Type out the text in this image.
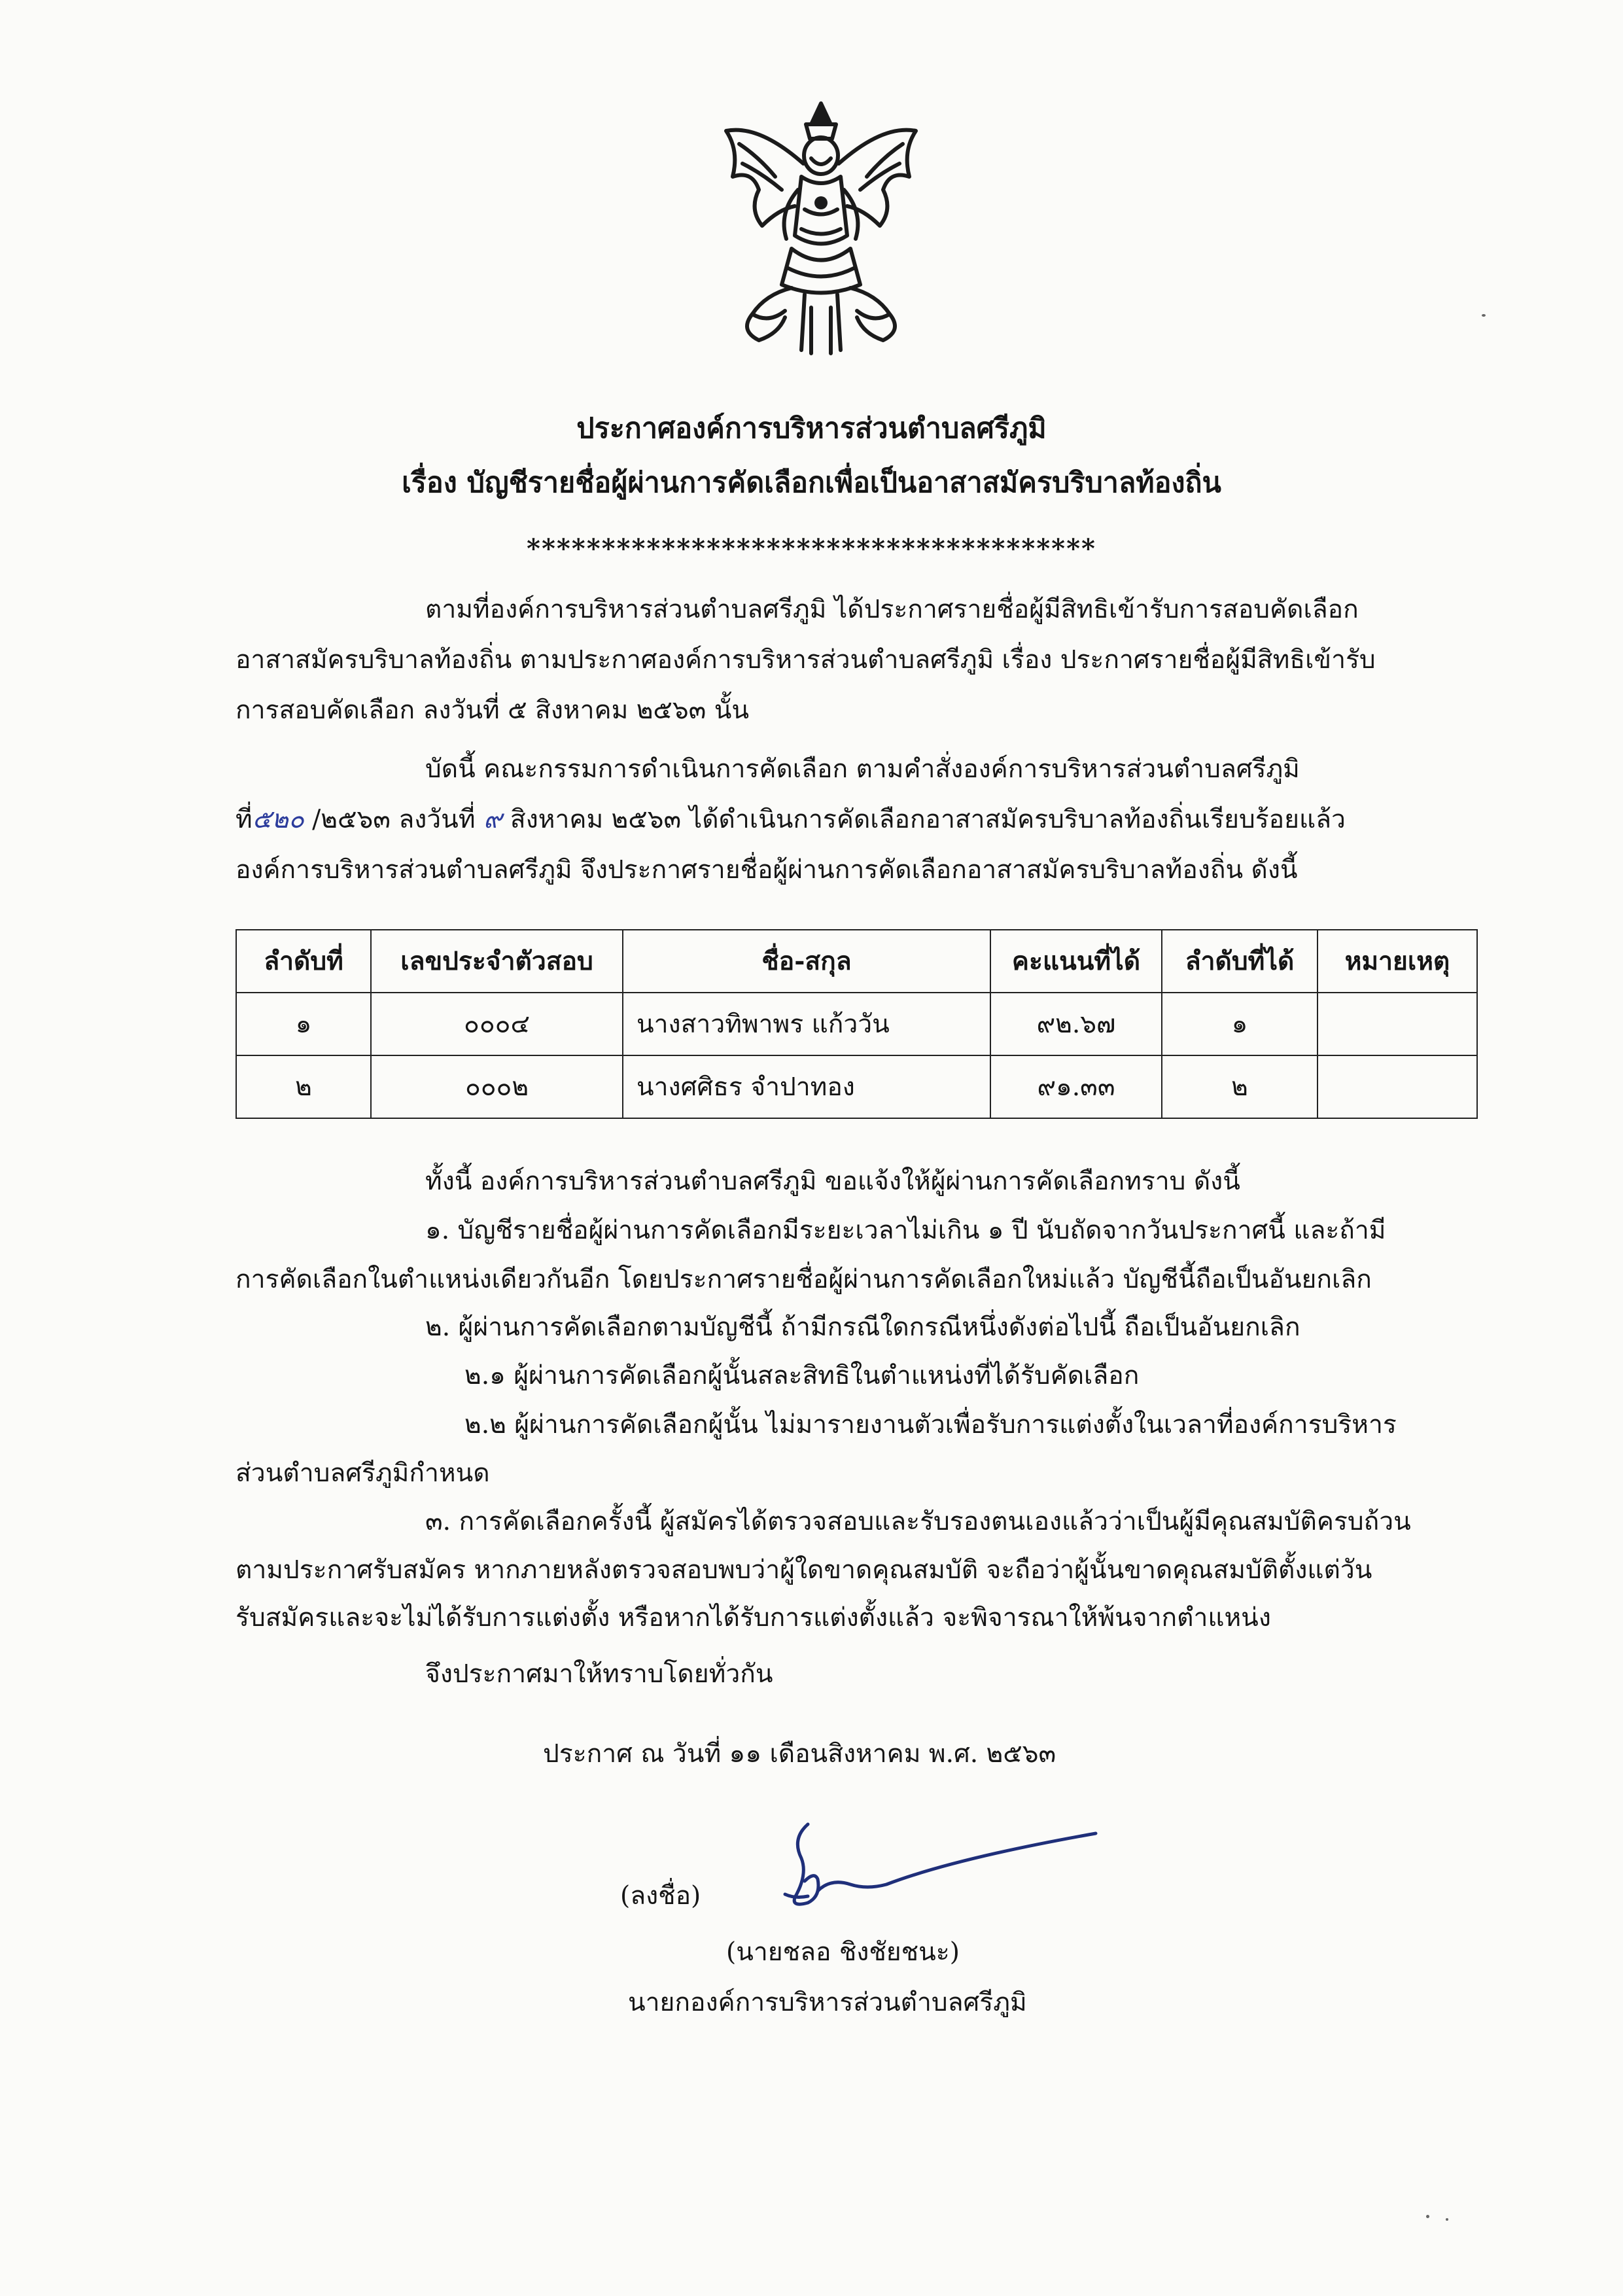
ประกาศองค์การบริหารส่วนตำบลศรีภูมิ
เรื่อง บัญชีรายชื่อผู้ผ่านการคัดเลือกเพื่อเป็นอาสาสมัครบริบาลท้องถิ่น
**************************************
ตามที่องค์การบริหารส่วนตำบลศรีภูมิ ได้ประกาศรายชื่อผู้มีสิทธิเข้ารับการสอบคัดเลือก
อาสาสมัครบริบาลท้องถิ่น ตามประกาศองค์การบริหารส่วนตำบลศรีภูมิ เรื่อง ประกาศรายชื่อผู้มีสิทธิเข้ารับ
การสอบคัดเลือก ลงวันที่ ๕ สิงหาคม ๒๕๖๓ นั้น
บัดนี้ คณะกรรมการดำเนินการคัดเลือก ตามคำสั่งองค์การบริหารส่วนตำบลศรีภูมิ
ที่๕๒๐ /๒๕๖๓ ลงวันที่ ๙ สิงหาคม ๒๕๖๓ ได้ดำเนินการคัดเลือกอาสาสมัครบริบาลท้องถิ่นเรียบร้อยแล้ว
องค์การบริหารส่วนตำบลศรีภูมิ จึงประกาศรายชื่อผู้ผ่านการคัดเลือกอาสาสมัครบริบาลท้องถิ่น ดังนี้
ลำดับที่	เลขประจำตัวสอบ	ชื่อ-สกุล	คะแนนที่ได้	ลำดับที่ได้	หมายเหตุ
๑	๐๐๐๔	นางสาวทิพาพร แก้ววัน	๙๒.๖๗	๑	
๒	๐๐๐๒	นางศศิธร จำปาทอง	๙๑.๓๓	๒	
ทั้งนี้ องค์การบริหารส่วนตำบลศรีภูมิ ขอแจ้งให้ผู้ผ่านการคัดเลือกทราบ ดังนี้
๑. บัญชีรายชื่อผู้ผ่านการคัดเลือกมีระยะเวลาไม่เกิน ๑ ปี นับถัดจากวันประกาศนี้ และถ้ามี
การคัดเลือกในตำแหน่งเดียวกันอีก โดยประกาศรายชื่อผู้ผ่านการคัดเลือกใหม่แล้ว บัญชีนี้ถือเป็นอันยกเลิก
๒. ผู้ผ่านการคัดเลือกตามบัญชีนี้ ถ้ามีกรณีใดกรณีหนึ่งดังต่อไปนี้ ถือเป็นอันยกเลิก
๒.๑ ผู้ผ่านการคัดเลือกผู้นั้นสละสิทธิในตำแหน่งที่ได้รับคัดเลือก
๒.๒ ผู้ผ่านการคัดเลือกผู้นั้น ไม่มารายงานตัวเพื่อรับการแต่งตั้งในเวลาที่องค์การบริหาร
ส่วนตำบลศรีภูมิกำหนด
๓. การคัดเลือกครั้งนี้ ผู้สมัครได้ตรวจสอบและรับรองตนเองแล้วว่าเป็นผู้มีคุณสมบัติครบถ้วน
ตามประกาศรับสมัคร หากภายหลังตรวจสอบพบว่าผู้ใดขาดคุณสมบัติ จะถือว่าผู้นั้นขาดคุณสมบัติตั้งแต่วัน
รับสมัครและจะไม่ได้รับการแต่งตั้ง หรือหากได้รับการแต่งตั้งแล้ว จะพิจารณาให้พ้นจากตำแหน่ง
จึงประกาศมาให้ทราบโดยทั่วกัน
ประกาศ ณ วันที่ ๑๑ เดือนสิงหาคม พ.ศ. ๒๕๖๓
(ลงชื่อ)
(นายชลอ ชิงชัยชนะ)
นายกองค์การบริหารส่วนตำบลศรีภูมิ
